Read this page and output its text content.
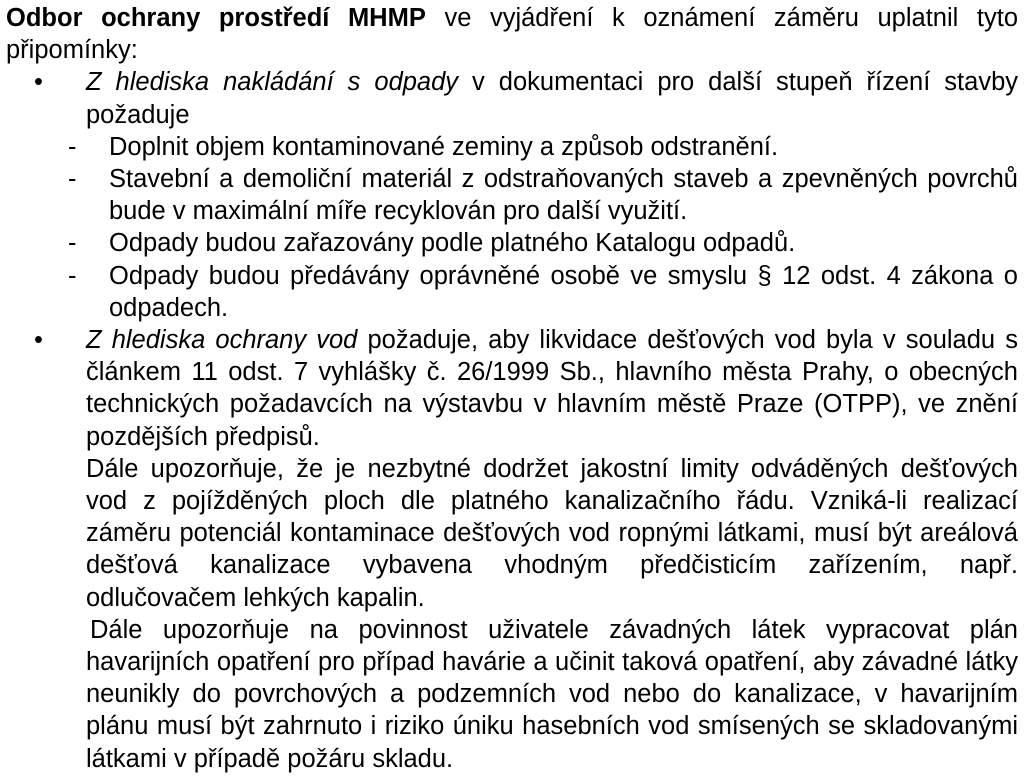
Odbor ochrany prostředí MHMP ve vyjádření k oznámení záměru uplatnil tyto připomínky:

• Z hlediska nakládání s odpady v dokumentaci pro další stupeň řízení stavby požaduje

- Doplnit objem kontaminované zeminy a způsob odstranění.
- Stavební a demoliční materiál z odstraňovaných staveb a zpevněných povrchů bude v maximální míře recyklován pro další využití.
- Odpady budou zařazovány podle platného Katalogu odpadů.
- Odpady budou předávány oprávněné osobě ve smyslu § 12 odst. 4 zákona o odpadech.
• Z hlediska ochrany vod požaduje, aby likvidace dešťových vod byla v souladu s článkem 11 odst. 7 vyhlášky č. 26/1999 Sb., hlavního města Prahy, o obecných technických požadavcích na výstavbu v hlavním městě Praze (OTPP), ve znění pozdějších předpisů.

Dále upozorňuje, že je nezbytné dodržet jakostní limity odváděných dešťových vod z pojížděných ploch dle platného kanalizačního řádu. Vzniká-li realizací záměru potenciál kontaminace dešťových vod ropnými látkami, musí být areálová dešťová kanalizace vybavena vhodným předčisticím zařízením, např. odlučovačem lehkých kapalin.

Dále upozorňuje na povinnost uživatele závadných látek vypracovat plán havarijních opatření pro případ havárie a učinit taková opatření, aby závadné látky neunikly do povrchových a podzemních vod nebo do kanalizace, v havarijním plánu musí být zahrnuto i riziko úniku hasebních vod smísených se skladovanými látkami v případě požáru skladu.
